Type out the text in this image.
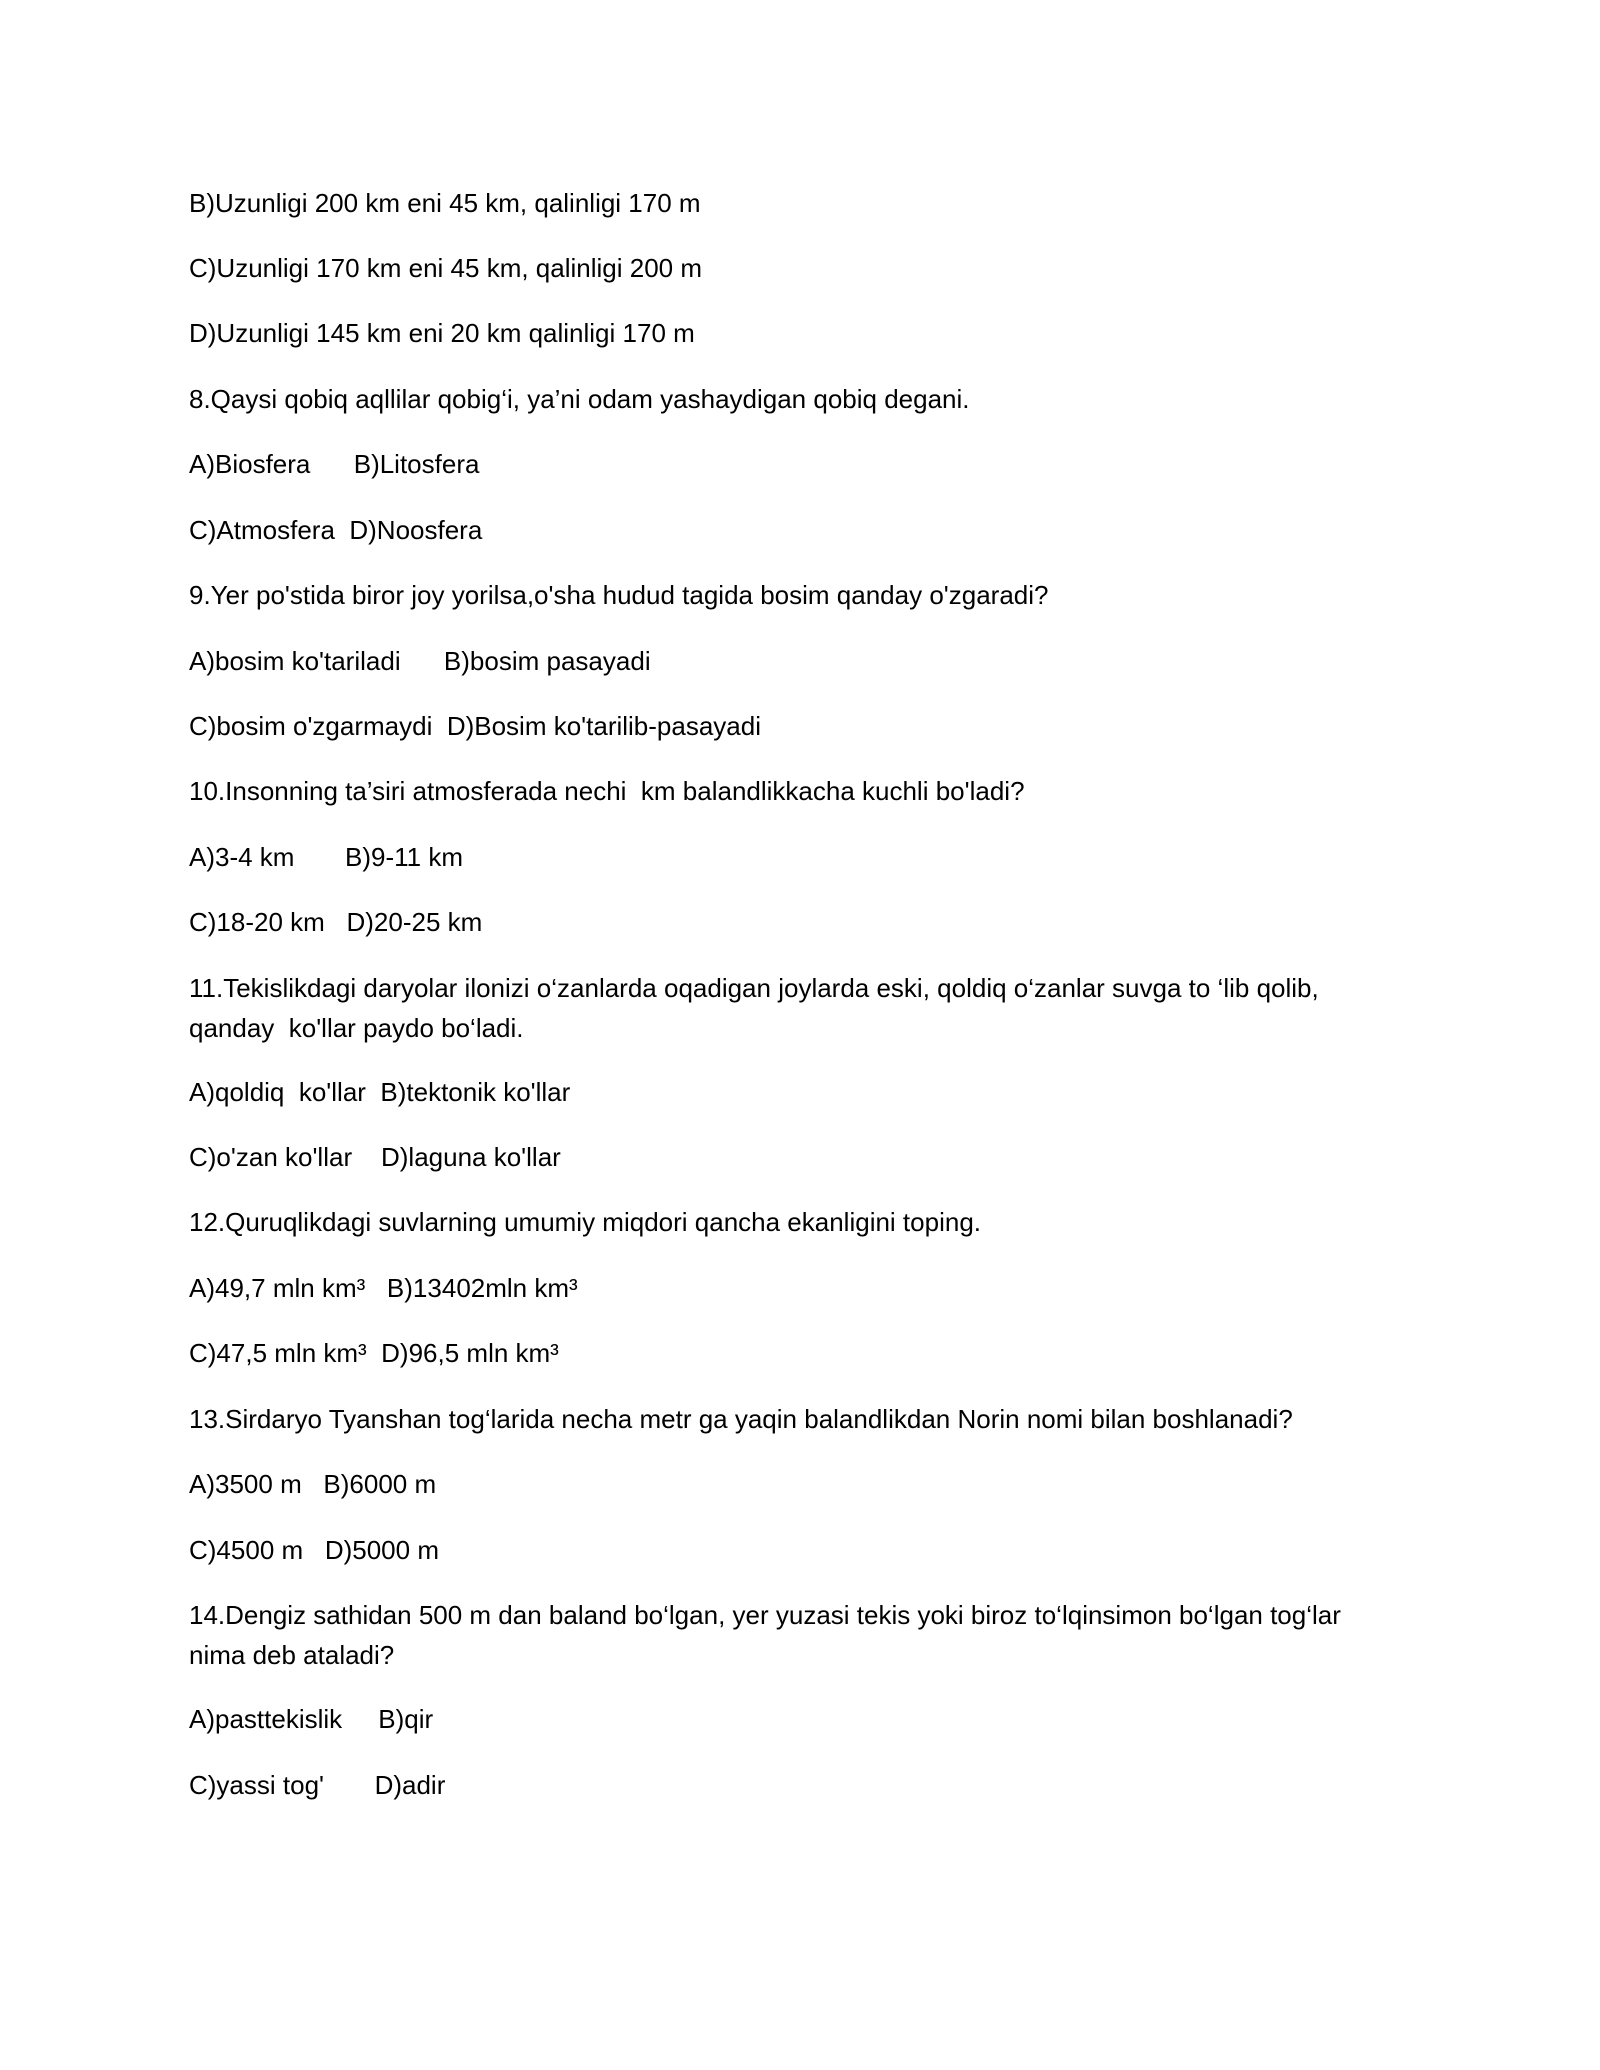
B)Uzunligi 200 km eni 45 km, qalinligi 170 m
C)Uzunligi 170 km eni 45 km, qalinligi 200 m
D)Uzunligi 145 km eni 20 km qalinligi 170 m
8.Qaysi qobiq aqllilar qobig‘i, ya’ni odam yashaydigan qobiq degani.
A)Biosfera      B)Litosfera
C)Atmosfera  D)Noosfera
9.Yer po'stida biror joy yorilsa,o'sha hudud tagida bosim qanday o'zgaradi?
A)bosim ko'tariladi      B)bosim pasayadi
C)bosim o'zgarmaydi  D)Bosim ko'tarilib-pasayadi
10.Insonning ta’siri atmosferada nechi  km balandlikkacha kuchli bo'ladi?
A)3-4 km       B)9-11 km
C)18-20 km   D)20-25 km
11.Tekislikdagi daryolar ilonizi o‘zanlarda oqadigan joylarda eski, qoldiq o‘zanlar suvga to ‘lib qolib, qanday  ko'llar paydo bo‘ladi.
A)qoldiq  ko'llar  B)tektonik ko'llar
C)o'zan ko'llar    D)laguna ko'llar
12.Quruqlikdagi suvlarning umumiy miqdori qancha ekanligini toping.
A)49,7 mln km³   B)13402mln km³
C)47,5 mln km³  D)96,5 mln km³
13.Sirdaryo Tyanshan tog‘larida necha metr ga yaqin balandlikdan Norin nomi bilan boshlanadi?
A)3500 m   B)6000 m
C)4500 m   D)5000 m
14.Dengiz sathidan 500 m dan baland bo‘lgan, yer yuzasi tekis yoki biroz to‘lqinsimon bo‘lgan tog‘lar nima deb ataladi?
A)pasttekislik     B)qir
C)yassi tog'       D)adir
